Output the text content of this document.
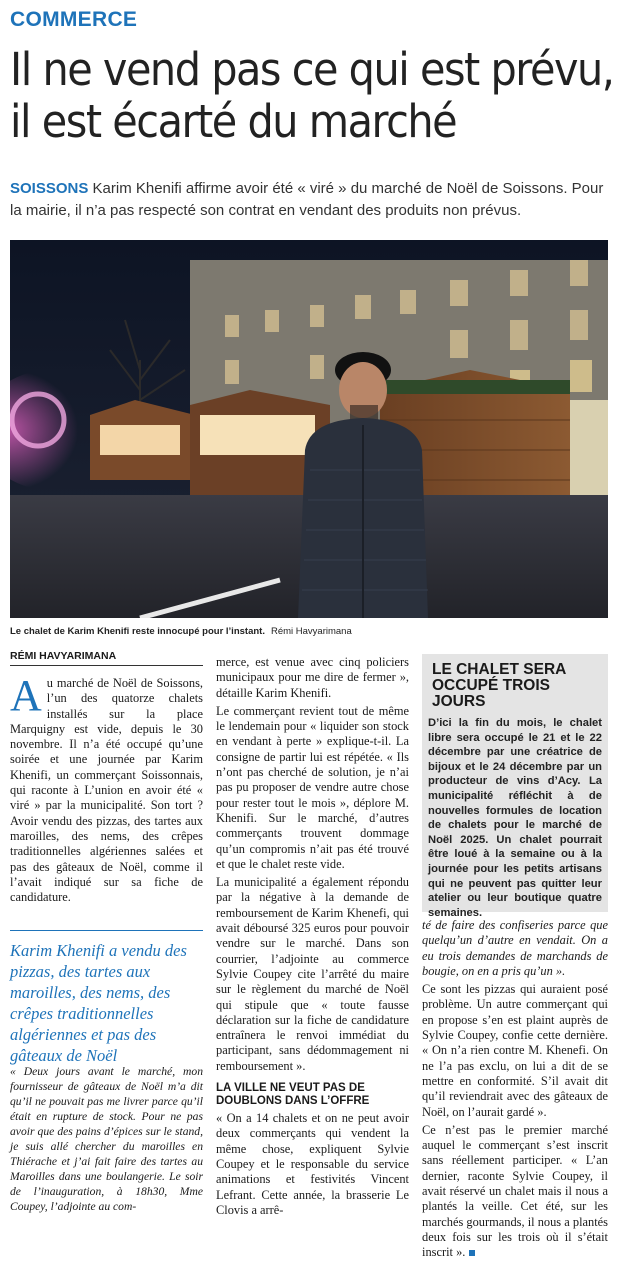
COMMERCE
Il ne vend pas ce qui est prévu,
il est écarté du marché
SOISSONS Karim Khenifi affirme avoir été « viré » du marché de Noël de Soissons. Pour la mairie, il n’a pas respecté son contrat en vendant des produits non prévus.
Le chalet de Karim Khenifi reste innocupé pour l’instant. Rémi Havyarimana
RÉMI HAVYARIMANA

Au marché de Noël de Soissons, l’un des quatorze chalets installés sur la place Marquigny est vide, depuis le 30 novembre. Il n’a été occupé qu’une soirée et une journée par Karim Khenifi, un commerçant Soissonnais, qui raconte à L’union en avoir été « viré » par la municipalité. Son tort ? Avoir vendu des pizzas, des tartes aux maroilles, des nems, des crêpes traditionnelles algériennes salées et pas des gâteaux de Noël, comme il l’avait indiqué sur sa fiche de candidature.

Karim Khenifi a vendu des pizzas, des tartes aux maroilles, des nems, des crêpes traditionnelles algériennes et pas des gâteaux de Noël

« Deux jours avant le marché, mon fournisseur de gâteaux de Noël m’a dit qu’il ne pouvait pas me livrer parce qu’il était en rupture de stock. Pour ne pas avoir que des pains d’épices sur le stand, je suis allé chercher du maroilles en Thiérache et j’ai fait faire des tartes au Maroilles dans une boulangerie. Le soir de l’inauguration, à 18h30, Mme Coupey, l’adjointe au com-

merce, est venue avec cinq policiers municipaux pour me dire de fermer », détaille Karim Khenifi.

Le commerçant revient tout de même le lendemain pour « liquider son stock en vendant à perte » explique-t-il. La consigne de partir lui est répétée. « Ils n’ont pas cherché de solution, je n’ai pas pu proposer de vendre autre chose pour rester tout le mois », déplore M. Khenifi. Sur le marché, d’autres commerçants trouvent dommage qu’un compromis n’ait pas été trouvé et que le chalet reste vide.

La municipalité a également répondu par la négative à la demande de remboursement de Karim Khenefi, qui avait déboursé 325 euros pour pouvoir vendre sur le marché. Dans son courrier, l’adjointe au commerce Sylvie Coupey cite l’arrêté du maire sur le règlement du marché de Noël qui stipule que « toute fausse déclaration sur la fiche de candidature entraînera le renvoi immédiat du participant, sans dédommagement ni remboursement ».

LA VILLE NE VEUT PAS DE DOUBLONS DANS L’OFFRE

« On a 14 chalets et on ne peut avoir deux commerçants qui vendent la même chose, expliquent Sylvie Coupey et le responsable du service animations et festivités Vincent Lefrant. Cette année, la brasserie Le Clovis a arrê-

LE CHALET SERA OCCUPÉ TROIS JOURS
D’ici la fin du mois, le chalet libre sera occupé le 21 et le 22 décembre par une créatrice de bijoux et le 24 décembre par un producteur de vins d’Acy. La municipalité réfléchit à de nouvelles formules de location de chalets pour le marché de Noël 2025. Un chalet pourrait être loué à la semaine ou à la journée pour les petits artisans qui ne peuvent pas quitter leur atelier ou leur boutique quatre semaines.

té de faire des confiseries parce que quelqu’un d’autre en vendait. On a eu trois demandes de marchands de bougie, on en a pris qu’un ».

Ce sont les pizzas qui auraient posé problème. Un autre commerçant qui en propose s’en est plaint auprès de Sylvie Coupey, confie cette dernière. « On n’a rien contre M. Khenefi. On ne l’a pas exclu, on lui a dit de se mettre en conformité. S’il avait dit qu’il reviendrait avec des gâteaux de Noël, on l’aurait gardé ».

Ce n’est pas le premier marché auquel le commerçant s’est inscrit sans réellement participer. « L’an dernier, raconte Sylvie Coupey, il avait réservé un chalet mais il nous a plantés la veille. Cet été, sur les marchés gourmands, il nous a plantés deux fois sur les trois où il s’était inscrit ».
